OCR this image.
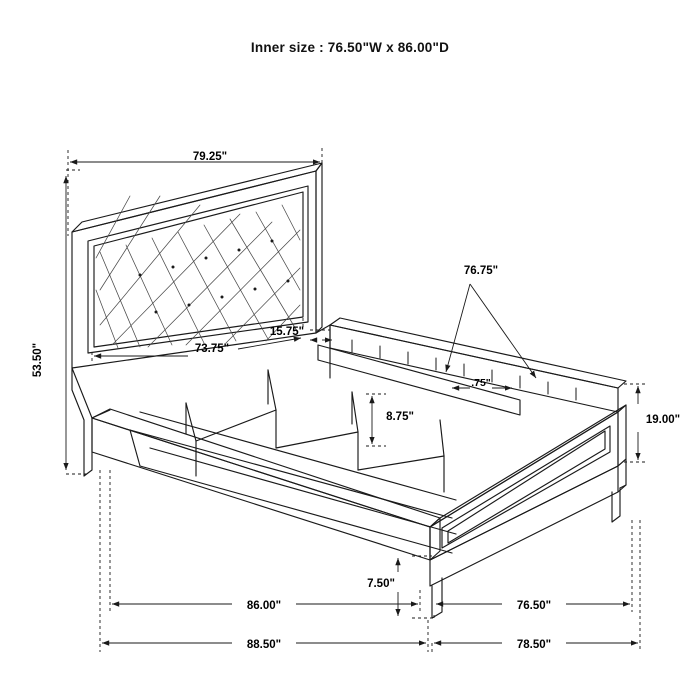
Inner size : 76.50"W x 86.00"D
79.25"
53.50"	73.75"
15.75"
76.75"
.75"
8.75"	19.00"
7.50"
86.00"	76.50"
88.50"	78.50"
